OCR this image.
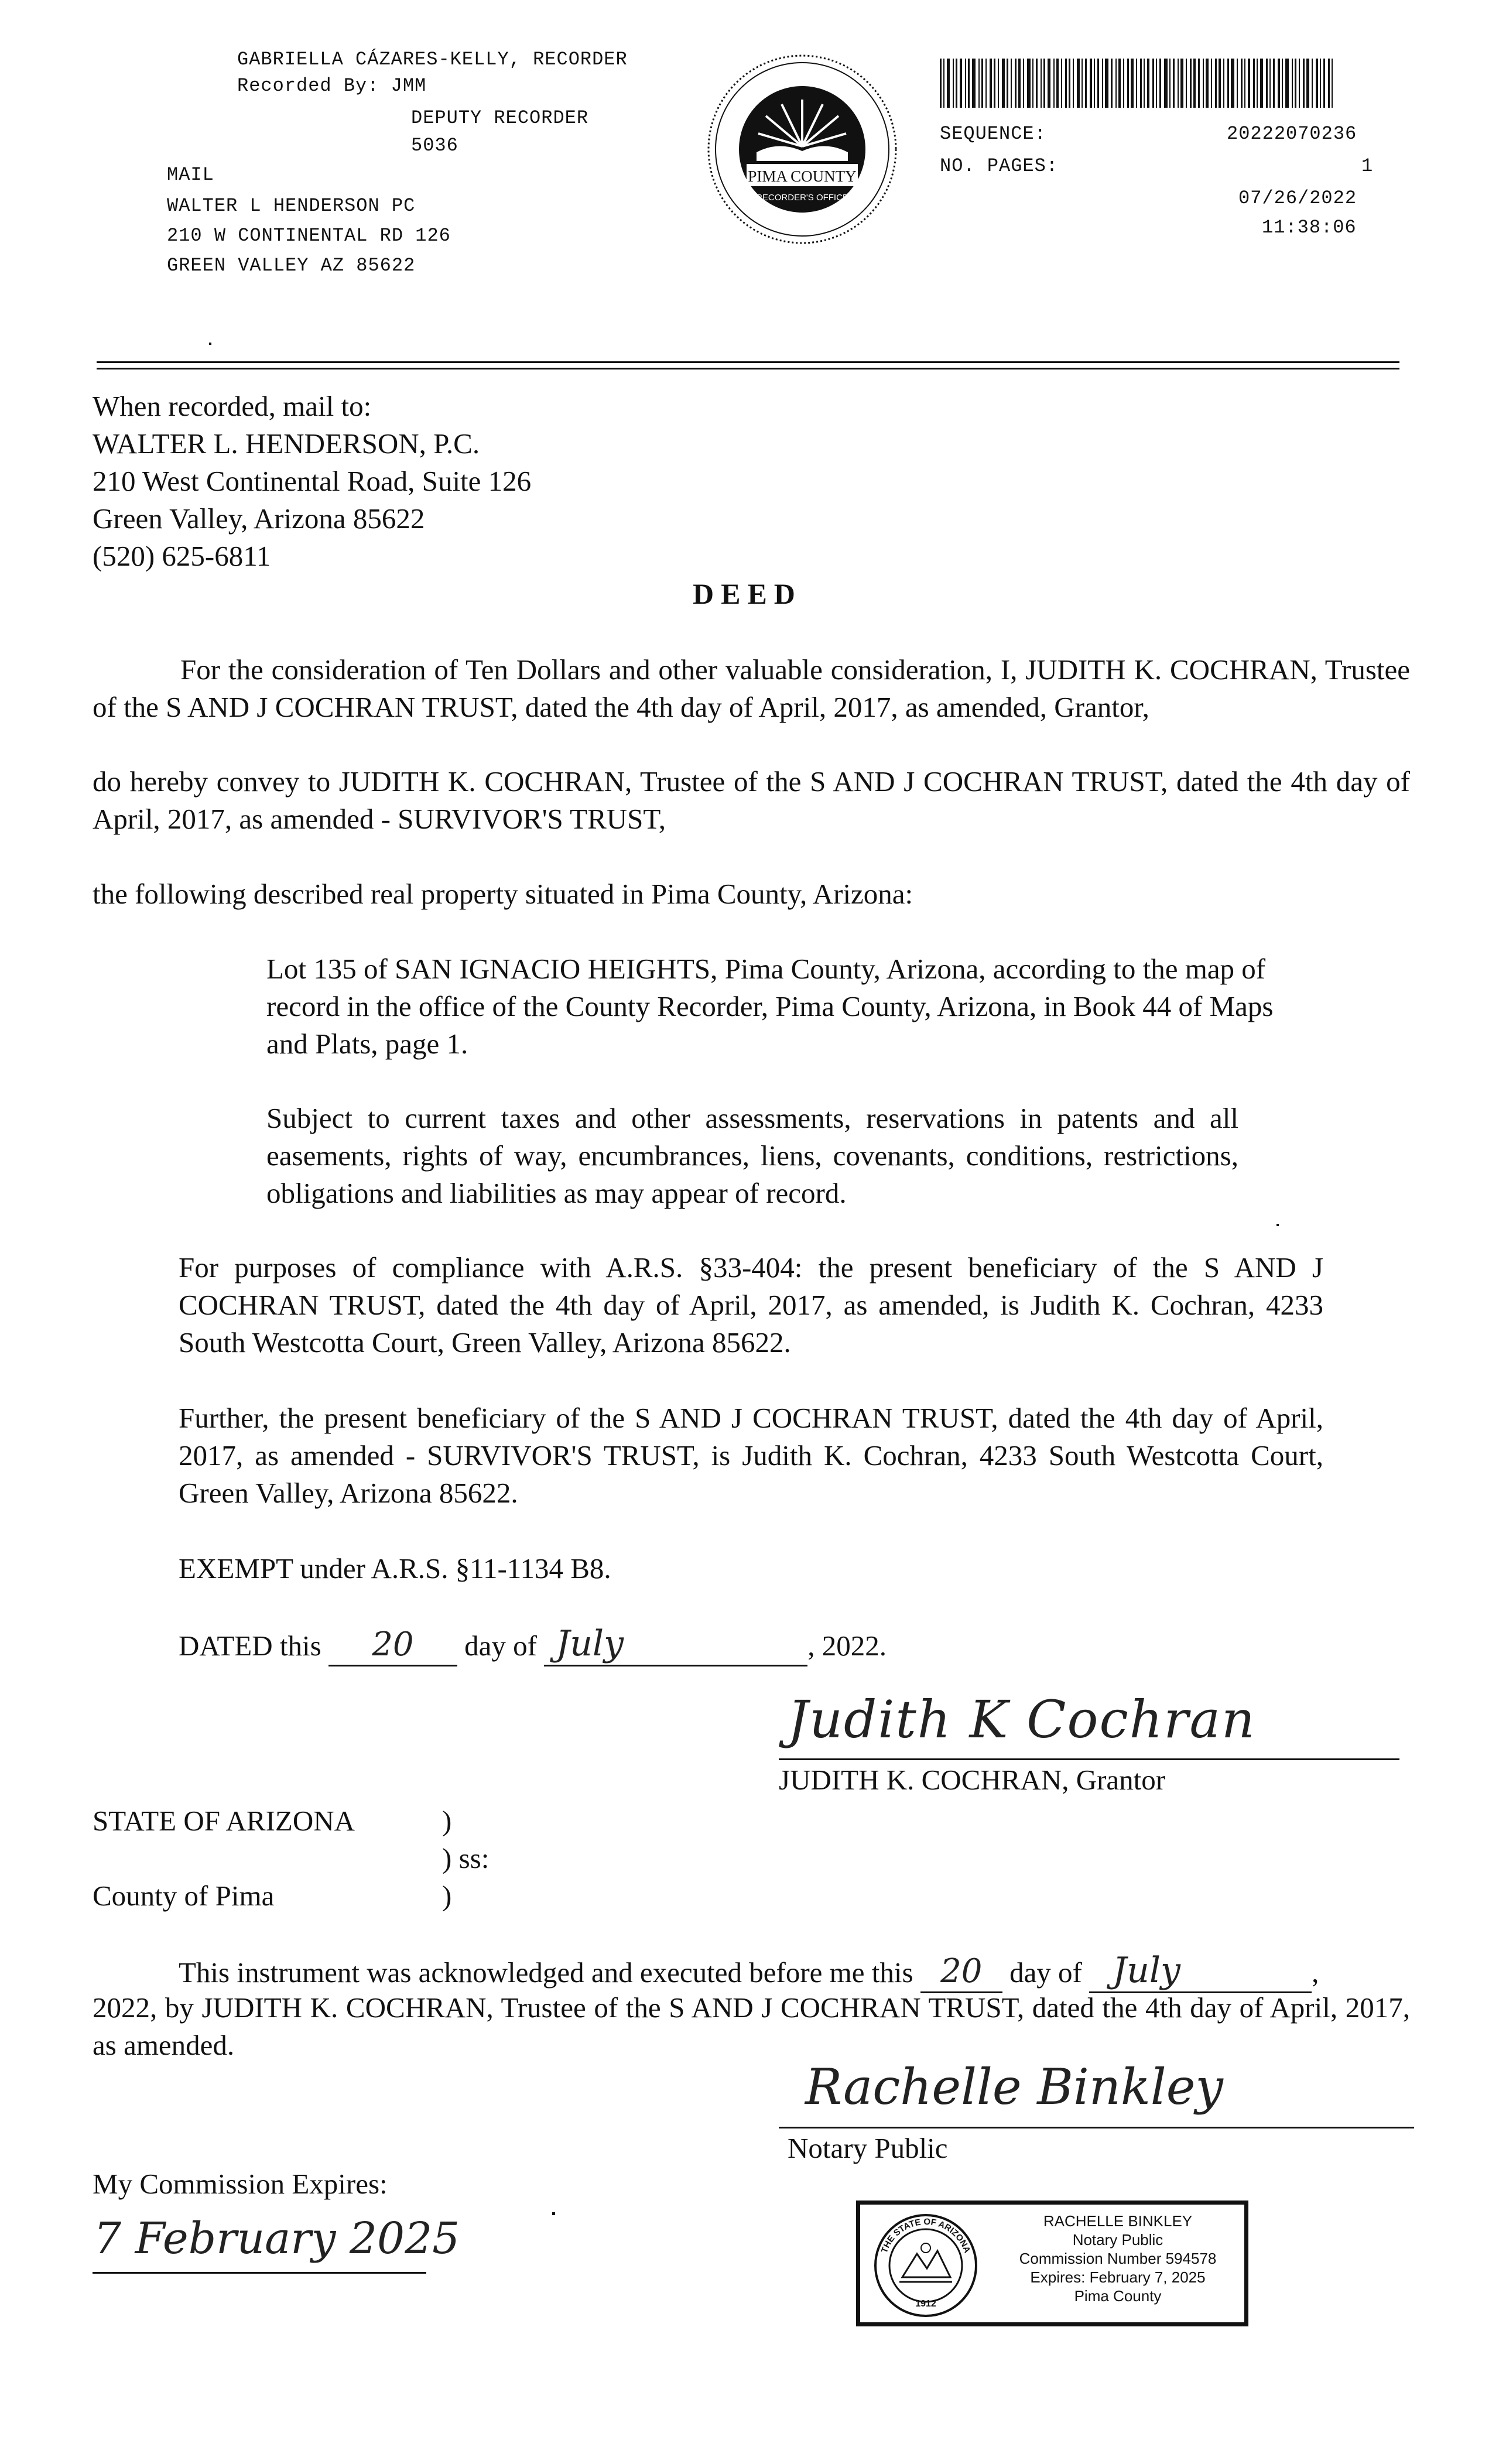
GABRIELLA CÁZARES-KELLY, RECORDER
Recorded By: JMM
DEPUTY RECORDER
5036
MAIL
WALTER L HENDERSON PC
210 W CONTINENTAL RD 126
GREEN VALLEY AZ 85622
PIMA COUNTY
RECORDER'S OFFICE
SEQUENCE:	20222070236
NO. PAGES:	1
07/26/2022
11:38:06
When recorded, mail to:
WALTER L. HENDERSON, P.C.
210 West Continental Road, Suite 126
Green Valley, Arizona 85622
(520) 625-6811
DEED
For the consideration of Ten Dollars and other valuable consideration, I, JUDITH K. COCHRAN, Trustee of the S AND J COCHRAN TRUST, dated the 4th day of April, 2017, as amended, Grantor,
do hereby convey to JUDITH K. COCHRAN, Trustee of the S AND J COCHRAN TRUST, dated the 4th day of April, 2017, as amended - SURVIVOR'S TRUST,
the following described real property situated in Pima County, Arizona:
Lot 135 of SAN IGNACIO HEIGHTS, Pima County, Arizona, according to the map of record in the office of the County Recorder, Pima County, Arizona, in Book 44 of Maps and Plats, page 1.
Subject to current taxes and other assessments, reservations in patents and all easements, rights of way, encumbrances, liens, covenants, conditions, restrictions, obligations and liabilities as may appear of record.
For purposes of compliance with A.R.S. §33-404: the present beneficiary of the S AND J COCHRAN TRUST, dated the 4th day of April, 2017, as amended, is Judith K. Cochran, 4233 South Westcotta Court, Green Valley, Arizona 85622.
Further, the present beneficiary of the S AND J COCHRAN TRUST, dated the 4th day of April, 2017, as amended - SURVIVOR'S TRUST, is Judith K. Cochran, 4233 South Westcotta Court, Green Valley, Arizona 85622.
EXEMPT under A.R.S. §11-1134 B8.
DATED this 20 day of July	, 2022.
Judith K Cochran
JUDITH K. COCHRAN, Grantor
STATE OF ARIZONA	)
) ss:
County of Pima	)
This instrument was acknowledged and executed before me this 20 day of July	,
2022, by JUDITH K. COCHRAN, Trustee of the S AND J COCHRAN TRUST, dated the 4th day of April, 2017, as amended.
Rachelle Binkley
Notary Public
My Commission Expires:
7 February 2025	THE STATE OF ARIZONA
1912
RACHELLE BINKLEY
Notary Public
Commission Number 594578
Expires: February 7, 2025
Pima County
